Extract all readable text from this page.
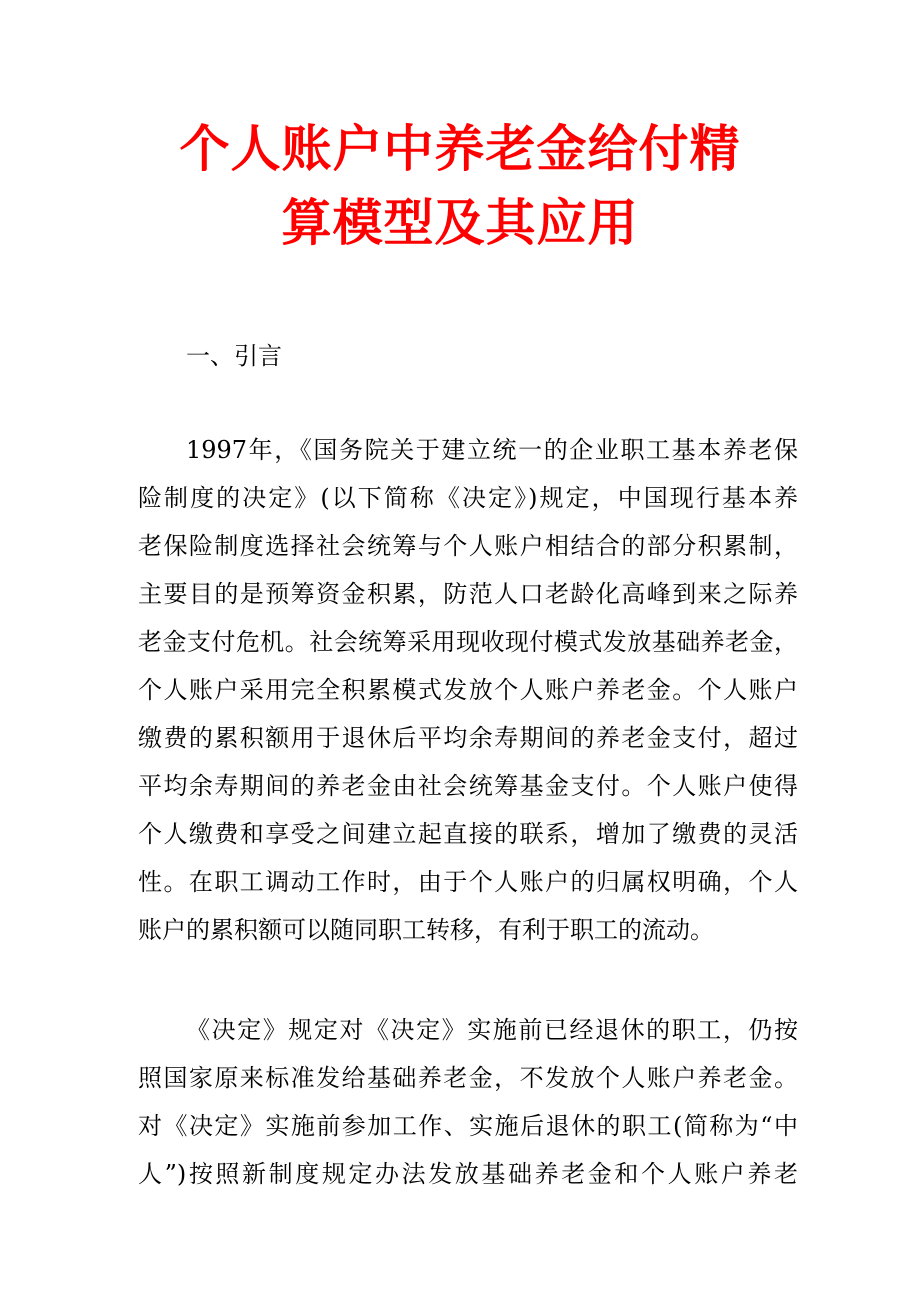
个人账户中养老金给付精
算模型及其应用
一、引言
1997年，《国务院关于建立统一的企业职工基本养老保
险制度的决定》(以下简称《决定》)规定，中国现行基本养
老保险制度选择社会统筹与个人账户相结合的部分积累制，
主要目的是预筹资金积累，防范人口老龄化高峰到来之际养
老金支付危机。社会统筹采用现收现付模式发放基础养老金，
个人账户采用完全积累模式发放个人账户养老金。个人账户
缴费的累积额用于退休后平均余寿期间的养老金支付，超过
平均余寿期间的养老金由社会统筹基金支付。个人账户使得
个人缴费和享受之间建立起直接的联系，增加了缴费的灵活
性。在职工调动工作时，由于个人账户的归属权明确，个人
账户的累积额可以随同职工转移，有利于职工的流动。
《决定》规定对《决定》实施前已经退休的职工，仍按
照国家原来标准发给基础养老金，不发放个人账户养老金。
对《决定》实施前参加工作、实施后退休的职工(简称为“中
人”)按照新制度规定办法发放基础养老金和个人账户养老
